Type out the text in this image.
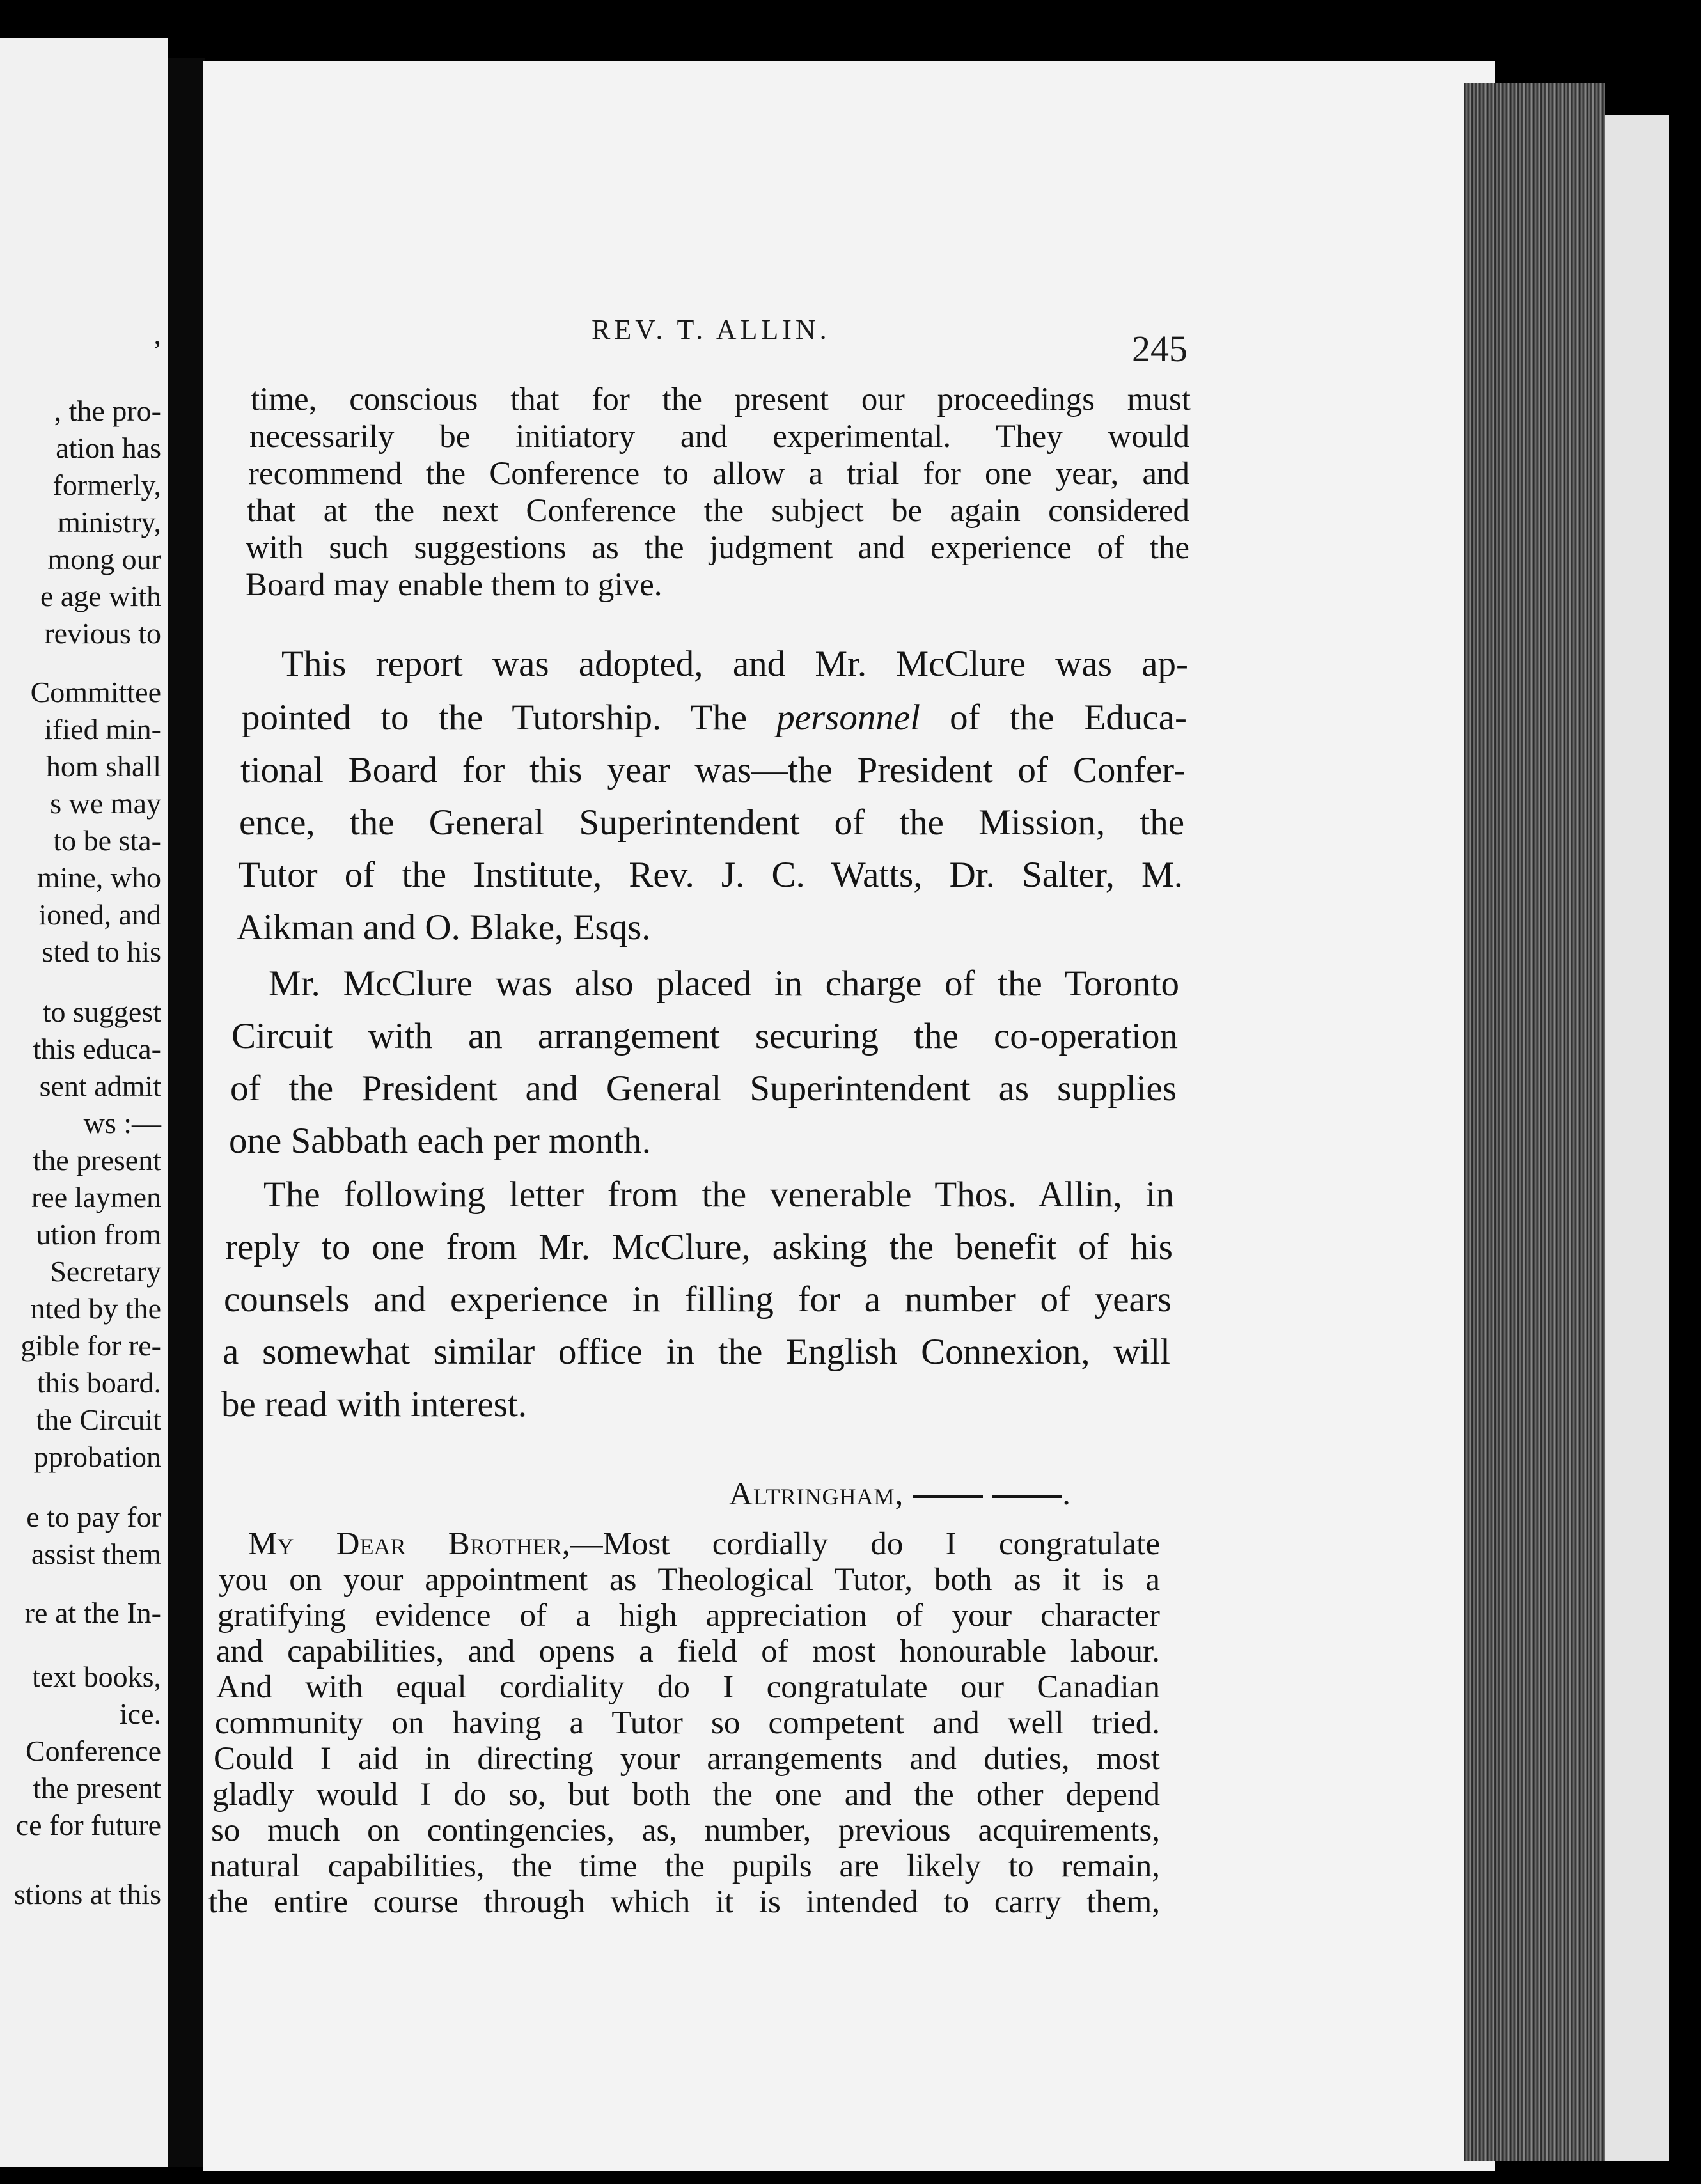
,
, the pro-
ation has
formerly,
ministry,
mong our
e age with
revious to
Committee
ified min-
hom shall
s we may
to be sta-
mine, who
ioned, and
sted to his
to suggest
this educa-
sent admit
ws :—
the present
ree laymen
ution from
Secretary
nted by the
gible for re-
this board.
the Circuit
pprobation
e to pay for
assist them
re at the In-
text books,
ice.
Conference
the present
ce for future
stions at this
REV. T. ALLIN.	245
time, conscious that for the present our proceedings must
necessarily be initiatory and experimental. They would
recommend the Conference to allow a trial for one year, and
that at the next Conference the subject be again considered
with such suggestions as the judgment and experience of the
Board may enable them to give.
This report was adopted, and Mr. McClure was ap-
pointed to the Tutorship. The personnel of the Educa-
tional Board for this year was—the President of Confer-
ence, the General Superintendent of the Mission, the
Tutor of the Institute, Rev. J. C. Watts, Dr. Salter, M.
Aikman and O. Blake, Esqs.
Mr. McClure was also placed in charge of the Toronto
Circuit with an arrangement securing the co-operation
of the President and General Superintendent as supplies
one Sabbath each per month.
The following letter from the venerable Thos. Allin, in
reply to one from Mr. McClure, asking the benefit of his
counsels and experience in filling for a number of years
a somewhat similar office in the English Connexion, will
be read with interest.
Altringham,	.
My Dear Brother,—Most cordially do I congratulate
you on your appointment as Theological Tutor, both as it is a
gratifying evidence of a high appreciation of your character
and capabilities, and opens a field of most honourable labour.
And with equal cordiality do I congratulate our Canadian
community on having a Tutor so competent and well tried.
Could I aid in directing your arrangements and duties, most
gladly would I do so, but both the one and the other depend
so much on contingencies, as, number, previous acquirements,
natural capabilities, the time the pupils are likely to remain,
the entire course through which it is intended to carry them,
